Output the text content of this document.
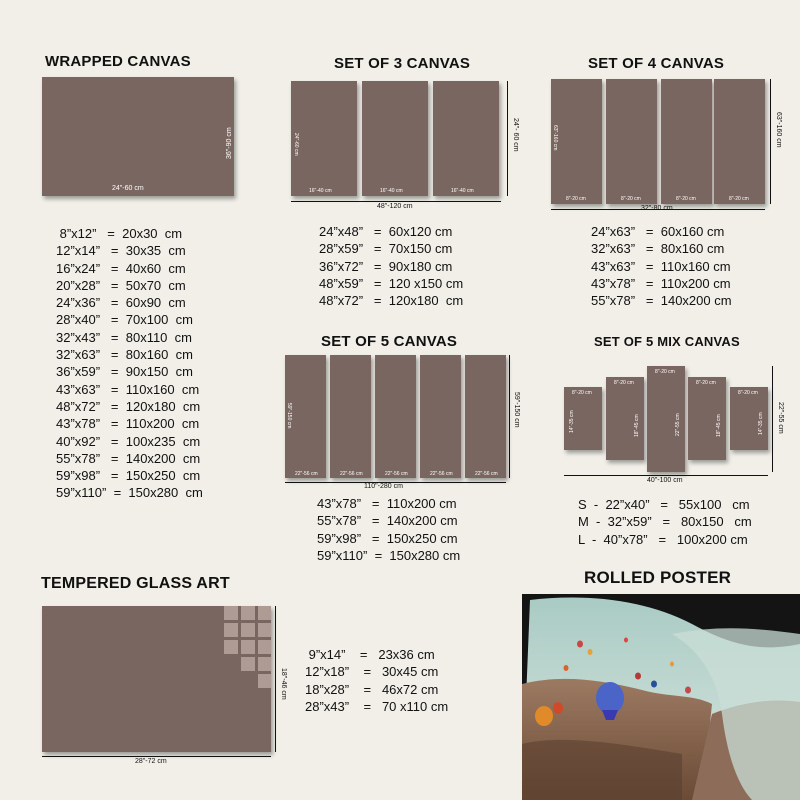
WRAPPED CANVAS
24"-60 cm
36"-90 cm
8”x12”   =  20x30  cm
12”x14”   =  30x35  cm
16”x24”   =  40x60  cm
20”x28”   =  50x70  cm
24”x36”   =  60x90  cm
28”x40”   =  70x100  cm
32”x43”   =  80x110  cm
32”x63”   =  80x160  cm
36”x59”   =  90x150  cm
43”x63”   =  110x160  cm
48”x72”   =  120x180  cm
43”x78”   =  110x200  cm
40”x92”   =  100x235  cm
55”x78”   =  140x200  cm
59”x98”   =  150x250  cm
59”x110”  =  150x280  cm
SET OF 3 CANVAS
24"-60 cm
16"-40 cm	16"-40 cm	16"-40 cm
48"-120 cm
24"- 60 cm
24”x48”   =  60x120 cm
28”x59”   =  70x150 cm
36”x72”   =  90x180 cm
48”x59”   =  120 x150 cm
48”x72”   =  120x180  cm
SET OF 4 CANVAS
63"-160 cm
8"-20 cm	8"-20 cm	8"-20 cm	8"-20 cm
32"-80 cm
63"-160 cm
24”x63”   =  60x160 cm
32”x63”   =  80x160 cm
43”x63”   =  110x160 cm
43”x78”   =  110x200 cm
55”x78”   =  140x200 cm
SET OF 5 CANVAS
59"-150 cm
22"-56 cm	22"-56 cm	22"-56 cm	22"-56 cm	22"-56 cm
110"-280 cm
59"-150 cm
43”x78”   =  110x200 cm
55”x78”   =  140x200 cm
59”x98”   =  150x250 cm
59”x110”  =  150x280 cm
SET OF 5 MIX CANVAS
8"-20 cm
14"-35 cm
8"-20 cm
18"-45 cm
8"-20 cm
22"-55 cm
8"-20 cm
18"-45 cm
8"-20 cm
14"-35 cm
40"-100 cm
22"-55 cm
S  -  22”x40”   =   55x100   cm
M  -  32”x59”   =   80x150   cm
L  -  40”x78”   =   100x200 cm
TEMPERED GLASS ART
28"-72 cm
18"-46 cm
9”x14”    =   23x36 cm
12”x18”    =   30x45 cm
18”x28”    =   46x72 cm
28”x43”    =   70 x110 cm
ROLLED POSTER
